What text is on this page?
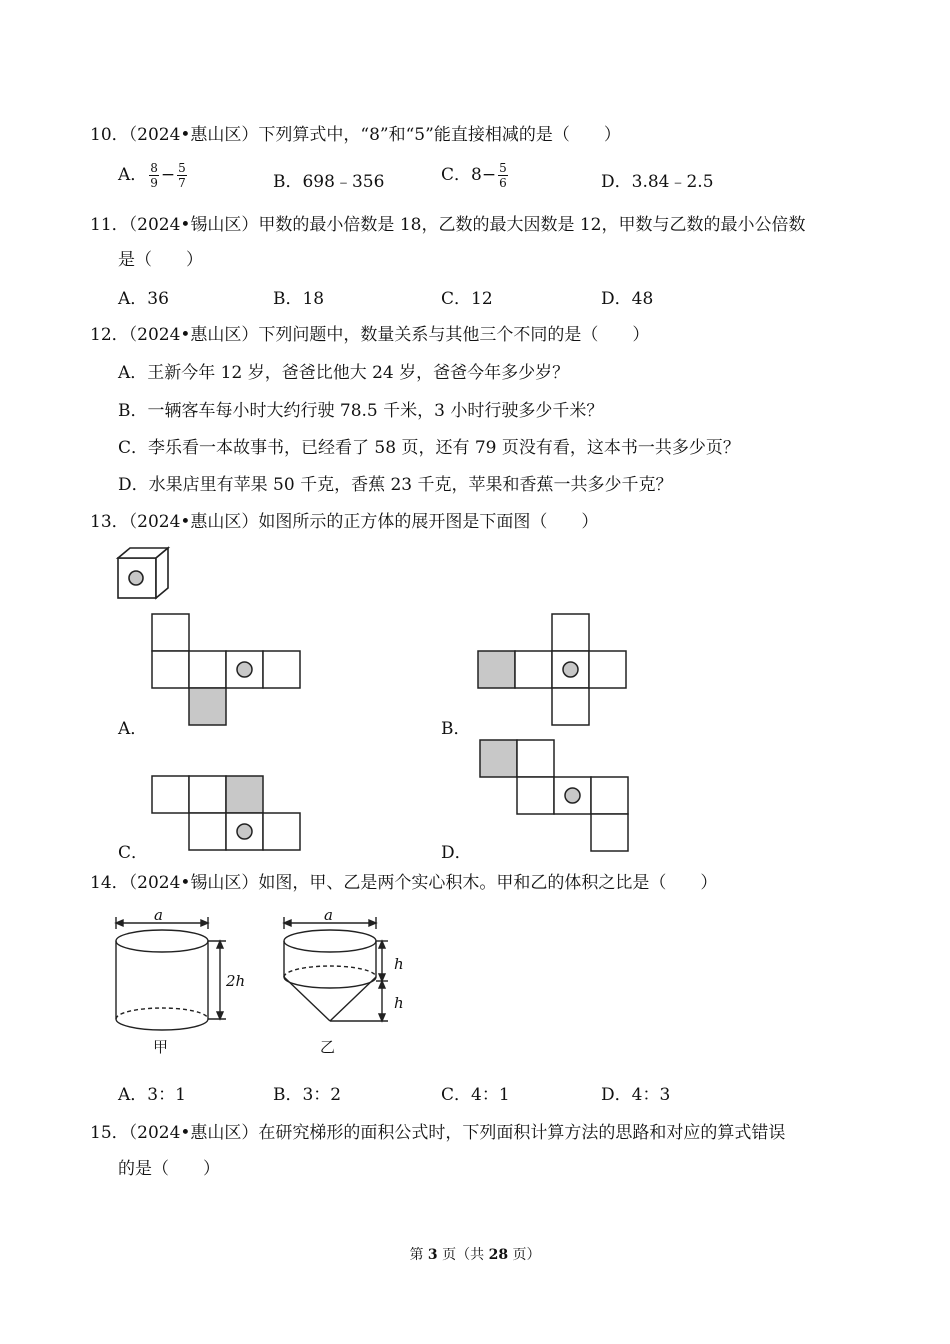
10．（2024•惠山区）下列算式中，“8”和“5”能直接相减的是（　　）
A． $\frac{8}{9} - \frac{5}{7}$	B．698﹣356	C．$8- \frac{5}{6}$	D．3.84﹣2.5
11．（2024•锡山区）甲数的最小倍数是 18，乙数的最大因数是 12，甲数与乙数的最小公倍数
是（　　）
A．36	B．18	C．12	D．48
12．（2024•惠山区）下列问题中，数量关系与其他三个不同的是（　　）
A．王新今年 12 岁，爸爸比他大 24 岁，爸爸今年多少岁？
B．一辆客车每小时大约行驶 78.5 千米，3 小时行驶多少千米？
C．李乐看一本故事书，已经看了 58 页，还有 79 页没有看，这本书一共多少页？
D．水果店里有苹果 50 千克，香蕉 23 千克，苹果和香蕉一共多少千克？
13．（2024•惠山区）如图所示的正方体的展开图是下面图（　　）
A．	B．
C．	D．
14．（2024•锡山区）如图，甲、乙是两个实心积木。甲和乙的体积之比是（　　）
a
2h
甲
a
h
h
乙
A．3：1	B．3：2	C．4：1	D．4：3
15．（2024•惠山区）在研究梯形的面积公式时，下列面积计算方法的思路和对应的算式错误
的是（　　）
第 3 页（共 28 页）
